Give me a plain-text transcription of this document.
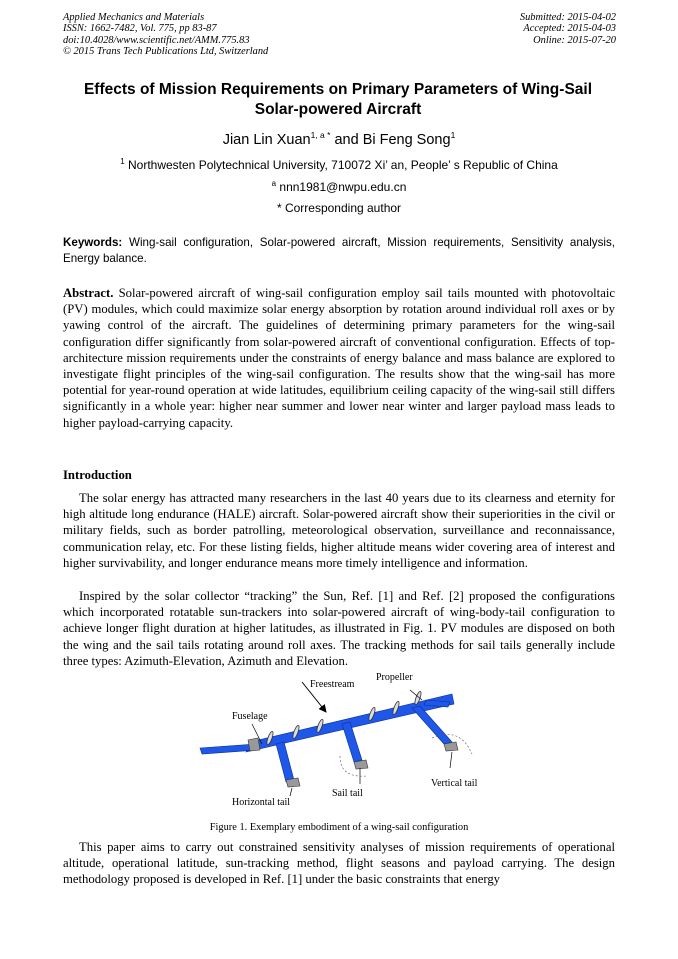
Applied Mechanics and Materials
ISSN: 1662-7482, Vol. 775, pp 83-87
doi:10.4028/www.scientific.net/AMM.775.83
© 2015 Trans Tech Publications Ltd, Switzerland
Submitted: 2015-04-02
Accepted: 2015-04-03
Online: 2015-07-20
Effects of Mission Requirements on Primary Parameters of Wing-Sail Solar-powered Aircraft
Jian Lin Xuan$^{1, a *}$ and Bi Feng Song$^1$
$^1$ Northwesten Polytechnical University, 710072 Xi’ an, People’ s Republic of China
$^a$ nnn1981@nwpu.edu.cn
* Corresponding author
Keywords: Wing-sail configuration, Solar-powered aircraft, Mission requirements, Sensitivity analysis, Energy balance.
Abstract. Solar-powered aircraft of wing-sail configuration employ sail tails mounted with photovoltaic (PV) modules, which could maximize solar energy absorption by rotation around individual roll axes or by yawing control of the aircraft. The guidelines of determining primary parameters for the wing-sail configuration differ significantly from solar-powered aircraft of conventional configuration. Effects of top-architecture mission requirements under the constraints of energy balance and mass balance are explored to investigate flight principles of the wing-sail configuration. The results show that the wing-sail has more potential for year-round operation at wide latitudes, equilibrium ceiling capacity of the wing-sail still differs significantly in a whole year: higher near summer and lower near winter and larger payload mass leads to higher payload-carrying capacity.
Introduction
The solar energy has attracted many researchers in the last 40 years due to its clearness and eternity for high altitude long endurance (HALE) aircraft. Solar-powered aircraft show their superiorities in the civil or military fields, such as border patrolling, meteorological observation, surveillance and reconnaissance, communication relay, etc. For these listing fields, higher altitude means wider covering area of interest and higher survivability, and longer endurance means more timely intelligence and information.
Inspired by the solar collector “tracking” the Sun, Ref. [1] and Ref. [2] proposed the configurations which incorporated rotatable sun-trackers into solar-powered aircraft of wing-body-tail configuration to achieve longer flight duration at higher latitudes, as illustrated in Fig. 1. PV modules are disposed on both the wing and the sail tails rotating around roll axes. The tracking methods for sail tails generally include three types: Azimuth-Elevation, Azimuth and Elevation.
Freestream
Propeller
Fuselage
Vertical tail
Sail tail
Horizontal tail
Figure 1. Exemplary embodiment of a wing-sail configuration
This paper aims to carry out constrained sensitivity analyses of mission requirements of operational altitude, operational latitude, sun-tracking method, flight seasons and payload carrying. The design methodology proposed is developed in Ref. [1] under the basic constraints that energy
